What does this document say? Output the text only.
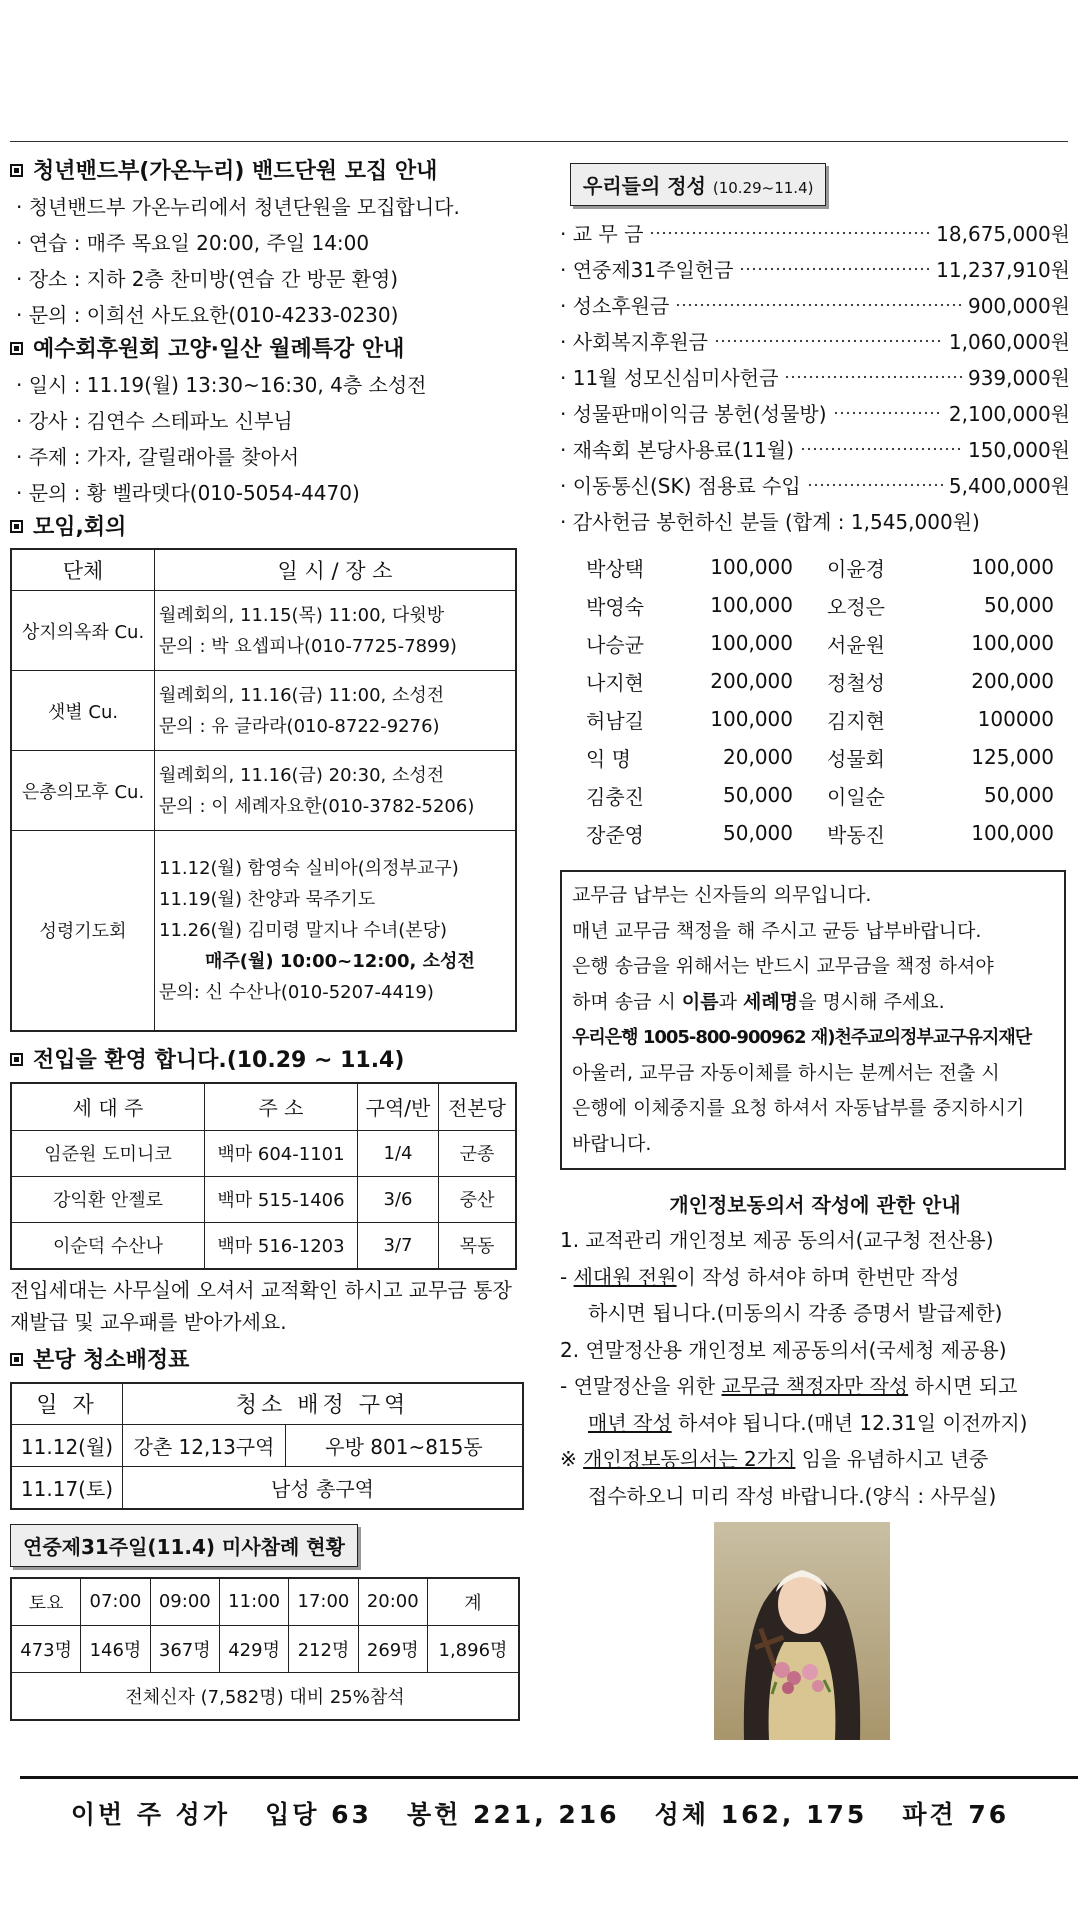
청년밴드부(가온누리) 밴드단원 모집 안내
· 청년밴드부 가온누리에서 청년단원을 모집합니다.
· 연습 : 매주 목요일 20:00, 주일 14:00
· 장소 : 지하 2층 찬미방(연습 간 방문 환영)
· 문의 : 이희선 사도요한(010-4233-0230)
예수회후원회 고양·일산 월례특강 안내
· 일시 : 11.19(월) 13:30~16:30, 4층 소성전
· 강사 : 김연수 스테파노 신부님
· 주제 : 가자, 갈릴래아를 찾아서
· 문의 : 황 벨라뎃다(010-5054-4470)
모임,회의
단체	일 시 / 장 소
상지의옥좌 Cu.	월례회의, 11.15(목) 11:00, 다윗방
문의 : 박 요셉피나(010-7725-7899)

샛별 Cu.	월례회의, 11.16(금) 11:00, 소성전
문의 : 유 글라라(010-8722-9276)

은총의모후 Cu.	월례회의, 11.16(금) 20:30, 소성전
문의 : 이 세례자요한(010-3782-5206)

성령기도회	11.12(월) 함영숙 실비아(의정부교구)
11.19(월) 찬양과 묵주기도
11.26(월) 김미령 말지나 수녀(본당)
매주(월) 10:00~12:00, 소성전
문의: 신 수산나(010-5207-4419)
전입을 환영 합니다.(10.29 ~ 11.4)
세 대 주	주 소	구역/반	전본당
임준원 도미니코	백마 604-1101	1/4	군종
강익환 안젤로	백마 515-1406	3/6	중산
이순덕 수산나	백마 516-1203	3/7	목동
전입세대는 사무실에 오셔서 교적확인 하시고 교무금 통장
재발급 및 교우패를 받아가세요.
본당 청소배정표
일 자	청소 배정 구역	
11.12(월)	강촌 12,13구역	우방 801~815동
11.17(토)	남성 총구역	
연중제31주일(11.4) 미사참례 현황
토요	07:00	09:00	11:00	17:00	20:00	계
473명	146명	367명	429명	212명	269명	1,896명
전체신자 (7,582명) 대비 25%참석						
우리들의 정성 (10.29~11.4)
· 교 무 금	18,675,000원
· 연중제31주일헌금	11,237,910원
· 성소후원금	900,000원
· 사회복지후원금	1,060,000원
· 11월 성모신심미사헌금	939,000원
· 성물판매이익금 봉헌(성물방)	2,100,000원
· 재속회 본당사용료(11월)	150,000원
· 이동통신(SK) 점용료 수입	5,400,000원
· 감사헌금 봉헌하신 분들 (합계 : 1,545,000원)
박상택	100,000	이윤경	100,000
박영숙	100,000	오정은	50,000
나승균	100,000	서윤원	100,000
나지현	200,000	정철성	200,000
허남길	100,000	김지현	100000
익 명	20,000	성물회	125,000
김충진	50,000	이일순	50,000
장준영	50,000	박동진	100,000
교무금 납부는 신자들의 의무입니다.
매년 교무금 책정을 해 주시고 균등 납부바랍니다.
은행 송금을 위해서는 반드시 교무금을 책정 하셔야
하며 송금 시 이름과 세례명을 명시해 주세요.
우리은행 1005-800-900962 재)천주교의정부교구유지재단
아울러, 교무금 자동이체를 하시는 분께서는 전출 시
은행에 이체중지를 요청 하셔서 자동납부를 중지하시기
바랍니다.
개인정보동의서 작성에 관한 안내
1. 교적관리 개인정보 제공 동의서(교구청 전산용)
- 세대원 전원이 작성 하셔야 하며 한번만 작성
하시면 됩니다.(미동의시 각종 증명서 발급제한)
2. 연말정산용 개인정보 제공동의서(국세청 제공용)
- 연말정산을 위한 교무금 책정자만 작성 하시면 되고
매년 작성 하셔야 됩니다.(매년 12.31일 이전까지)
※ 개인정보동의서는 2가지 임을 유념하시고 년중
접수하오니 미리 작성 바랍니다.(양식 : 사무실)
이번 주 성가   입당 63   봉헌 221, 216   성체 162, 175   파견 76
